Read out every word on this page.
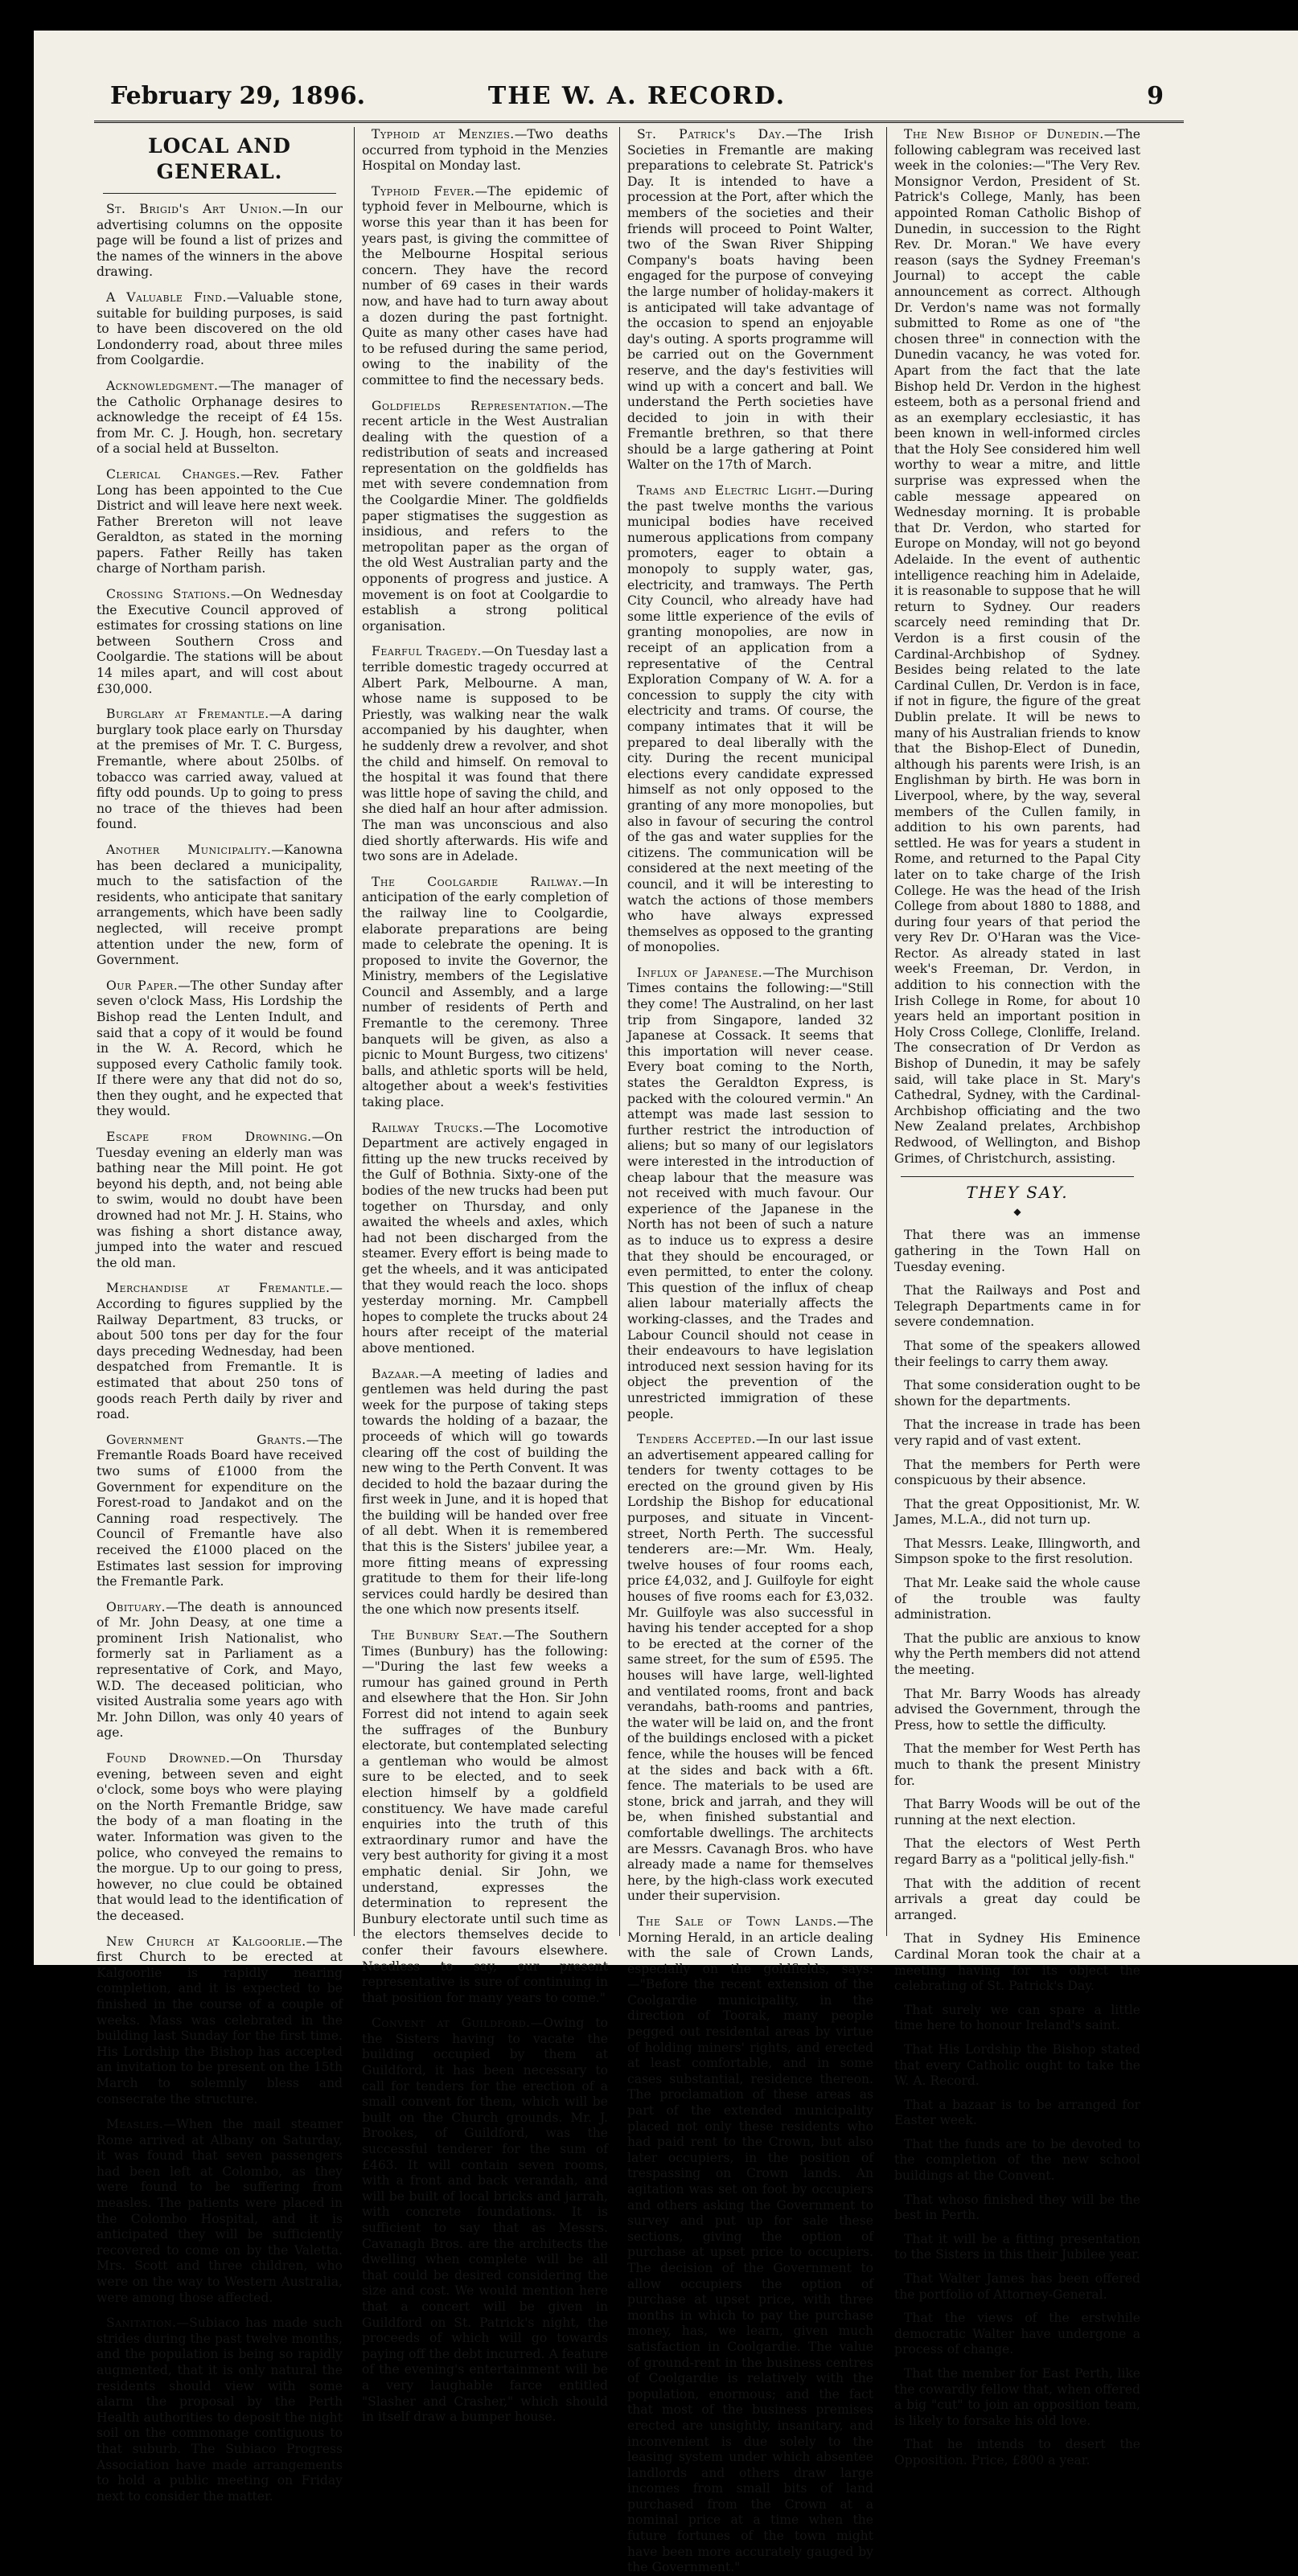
February 29, 1896.	THE W. A. RECORD.	9
LOCAL AND GENERAL.

St. Brigid's Art Union.—In our advertising columns on the opposite page will be found a list of prizes and the names of the winners in the above drawing.

A Valuable Find.—Valuable stone, suitable for building purposes, is said to have been discovered on the old Londonderry road, about three miles from Coolgardie.

Acknowledgment.—The manager of the Catholic Orphanage desires to acknowledge the receipt of £4 15s. from Mr. C. J. Hough, hon. secretary of a social held at Busselton.

Clerical Changes.—Rev. Father Long has been appointed to the Cue District and will leave here next week. Father Brereton will not leave Geraldton, as stated in the morning papers. Father Reilly has taken charge of Northam parish.

Crossing Stations.—On Wednesday the Executive Council approved of estimates for crossing stations on line between Southern Cross and Coolgardie. The stations will be about 14 miles apart, and will cost about £30,000.

Burglary at Fremantle.—A daring burglary took place early on Thursday at the premises of Mr. T. C. Burgess, Fremantle, where about 250lbs. of tobacco was carried away, valued at fifty odd pounds. Up to going to press no trace of the thieves had been found.

Another Municipality.—Kanowna has been declared a municipality, much to the satisfaction of the residents, who anticipate that sanitary arrangements, which have been sadly neglected, will receive prompt attention under the new, form of Government.

Our Paper.—The other Sunday after seven o'clock Mass, His Lordship the Bishop read the Lenten Indult, and said that a copy of it would be found in the W. A. Record, which he supposed every Catholic family took. If there were any that did not do so, then they ought, and he expected that they would.

Escape from Drowning.—On Tuesday evening an elderly man was bathing near the Mill point. He got beyond his depth, and, not being able to swim, would no doubt have been drowned had not Mr. J. H. Stains, who was fishing a short distance away, jumped into the water and rescued the old man.

Merchandise at Fremantle.—According to figures supplied by the Railway Department, 83 trucks, or about 500 tons per day for the four days preceding Wednesday, had been despatched from Fremantle. It is estimated that about 250 tons of goods reach Perth daily by river and road.

Government Grants.—The Fremantle Roads Board have received two sums of £1000 from the Government for expenditure on the Forest-road to Jandakot and on the Canning road respectively. The Council of Fremantle have also received the £1000 placed on the Estimates last session for improving the Fremantle Park.

Obituary.—The death is announced of Mr. John Deasy, at one time a prominent Irish Nationalist, who formerly sat in Parliament as a representative of Cork, and Mayo, W.D. The deceased politician, who visited Australia some years ago with Mr. John Dillon, was only 40 years of age.

Found Drowned.—On Thursday evening, between seven and eight o'clock, some boys who were playing on the North Fremantle Bridge, saw the body of a man floating in the water. Information was given to the police, who conveyed the remains to the morgue. Up to our going to press, however, no clue could be obtained that would lead to the identification of the deceased.

New Church at Kalgoorlie.—The first Church to be erected at Kalgoorlie is rapidly nearing completion, and it is expected to be finished in the course of a couple of weeks. Mass was celebrated in the building last Sunday for the first time. His Lordship the Bishop has accepted an invitation to be present on the 15th March to solemnly bless and consecrate the structure.

Measles.—When the mail steamer Rome arrived at Albany on Saturday, it was found that seven passengers had been left at Colombo, as they were found to be suffering from measles. The patients were placed in the Colombo Hospital, and it is anticipated they will be sufficiently recovered to come on by the Valetta. Mrs. Scott and three children, who were on the way to Western Australia, were among those affected.

Sanitation.—Subiaco has made such strides during the past twelve months, and the population is being so rapidly augmented, that it is only natural the residents should view with some alarm the proposal by the Perth Health authorities to deposit the night soil on the commonage contiguous to that suburb. The Subiaco Progress Association have made arrangements to hold a public meeting on Friday next to consider the matter.

Typhoid at Menzies.—Two deaths occurred from typhoid in the Menzies Hospital on Monday last.

Typhoid Fever.—The epidemic of typhoid fever in Melbourne, which is worse this year than it has been for years past, is giving the committee of the Melbourne Hospital serious concern. They have the record number of 69 cases in their wards now, and have had to turn away about a dozen during the past fortnight. Quite as many other cases have had to be refused during the same period, owing to the inability of the committee to find the necessary beds.

Goldfields Representation.—The recent article in the West Australian dealing with the question of a redistribution of seats and increased representation on the goldfields has met with severe condemnation from the Coolgardie Miner. The goldfields paper stigmatises the suggestion as insidious, and refers to the metropolitan paper as the organ of the old West Australian party and the opponents of progress and justice. A movement is on foot at Coolgardie to establish a strong political organisation.

Fearful Tragedy.—On Tuesday last a terrible domestic tragedy occurred at Albert Park, Melbourne. A man, whose name is supposed to be Priestly, was walking near the walk accompanied by his daughter, when he suddenly drew a revolver, and shot the child and himself. On removal to the hospital it was found that there was little hope of saving the child, and she died half an hour after admission. The man was unconscious and also died shortly afterwards. His wife and two sons are in Adelade.

The Coolgardie Railway.—In anticipation of the early completion of the railway line to Coolgardie, elaborate preparations are being made to celebrate the opening. It is proposed to invite the Governor, the Ministry, members of the Legislative Council and Assembly, and a large number of residents of Perth and Fremantle to the ceremony. Three banquets will be given, as also a picnic to Mount Burgess, two citizens' balls, and athletic sports will be held, altogether about a week's festivities taking place.

Railway Trucks.—The Locomotive Department are actively engaged in fitting up the new trucks received by the Gulf of Bothnia. Sixty-one of the bodies of the new trucks had been put together on Thursday, and only awaited the wheels and axles, which had not been discharged from the steamer. Every effort is being made to get the wheels, and it was anticipated that they would reach the loco. shops yesterday morning. Mr. Campbell hopes to complete the trucks about 24 hours after receipt of the material above mentioned.

Bazaar.—A meeting of ladies and gentlemen was held during the past week for the purpose of taking steps towards the holding of a bazaar, the proceeds of which will go towards clearing off the cost of building the new wing to the Perth Convent. It was decided to hold the bazaar during the first week in June, and it is hoped that the building will be handed over free of all debt. When it is remembered that this is the Sisters' jubilee year, a more fitting means of expressing gratitude to them for their life-long services could hardly be desired than the one which now presents itself.

The Bunbury Seat.—The Southern Times (Bunbury) has the following:—"During the last few weeks a rumour has gained ground in Perth and elsewhere that the Hon. Sir John Forrest did not intend to again seek the suffrages of the Bunbury electorate, but contemplated selecting a gentleman who would be almost sure to be elected, and to seek election himself by a goldfield constituency. We have made careful enquiries into the truth of this extraordinary rumor and have the very best authority for giving it a most emphatic denial. Sir John, we understand, expresses the determination to represent the Bunbury electorate until such time as the electors themselves decide to confer their favours elsewhere. Needless to say, our present representative is sure of continuing in that position for many years to come."

Convent at Guildford.—Owing to the Sisters having to vacate the building occupied by them at Guildford, it has been necessary to call for tenders for the erection of a small convent for them, which will be built on the Church grounds. Mr. J. Brookes, of Guildford, was the successful tenderer for the sum of £463. It will contain seven rooms, with a front and back verandah, and will be built of local bricks and jarrah, with concrete foundations. It is sufficient to say that as Messrs. Cavanagh Bros. are the architects the dwelling when complete will be all that could be desired considering the size and cost. We would mention here that a concert will be given in Guildford on St. Patrick's night, the proceeds of which will go towards paying off the debt incurred. A feature of the evening's entertainment will be a very laughable farce entitled "Slasher and Crasher," which should in itself draw a bumper house.

St. Patrick's Day.—The Irish Societies in Fremantle are making preparations to celebrate St. Patrick's Day. It is intended to have a procession at the Port, after which the members of the societies and their friends will proceed to Point Walter, two of the Swan River Shipping Company's boats having been engaged for the purpose of conveying the large number of holiday-makers it is anticipated will take advantage of the occasion to spend an enjoyable day's outing. A sports programme will be carried out on the Government reserve, and the day's festivities will wind up with a concert and ball. We understand the Perth societies have decided to join in with their Fremantle brethren, so that there should be a large gathering at Point Walter on the 17th of March.

Trams and Electric Light.—During the past twelve months the various municipal bodies have received numerous applications from company promoters, eager to obtain a monopoly to supply water, gas, electricity, and tramways. The Perth City Council, who already have had some little experience of the evils of granting monopolies, are now in receipt of an application from a representative of the Central Exploration Company of W. A. for a concession to supply the city with electricity and trams. Of course, the company intimates that it will be prepared to deal liberally with the city. During the recent municipal elections every candidate expressed himself as not only opposed to the granting of any more monopolies, but also in favour of securing the control of the gas and water supplies for the citizens. The communication will be considered at the next meeting of the council, and it will be interesting to watch the actions of those members who have always expressed themselves as opposed to the granting of monopolies.

Influx of Japanese.—The Murchison Times contains the following:—"Still they come! The Australind, on her last trip from Singapore, landed 32 Japanese at Cossack. It seems that this importation will never cease. Every boat coming to the North, states the Geraldton Express, is packed with the coloured vermin." An attempt was made last session to further restrict the introduction of aliens; but so many of our legislators were interested in the introduction of cheap labour that the measure was not received with much favour. Our experience of the Japanese in the North has not been of such a nature as to induce us to express a desire that they should be encouraged, or even permitted, to enter the colony. This question of the influx of cheap alien labour materially affects the working-classes, and the Trades and Labour Council should not cease in their endeavours to have legislation introduced next session having for its object the prevention of the unrestricted immigration of these people.

Tenders Accepted.—In our last issue an advertisement appeared calling for tenders for twenty cottages to be erected on the ground given by His Lordship the Bishop for educational purposes, and situate in Vincent-street, North Perth. The successful tenderers are:—Mr. Wm. Healy, twelve houses of four rooms each, price £4,032, and J. Guilfoyle for eight houses of five rooms each for £3,032. Mr. Guilfoyle was also successful in having his tender accepted for a shop to be erected at the corner of the same street, for the sum of £595. The houses will have large, well-lighted and ventilated rooms, front and back verandahs, bath-rooms and pantries, the water will be laid on, and the front of the buildings enclosed with a picket fence, while the houses will be fenced at the sides and back with a 6ft. fence. The materials to be used are stone, brick and jarrah, and they will be, when finished substantial and comfortable dwellings. The architects are Messrs. Cavanagh Bros. who have already made a name for themselves here, by the high-class work executed under their supervision.

The Sale of Town Lands.—The Morning Herald, in an article dealing with the sale of Crown Lands, especially on the goldfields, says:—"Before the recent extension of the Coolgardie municipality, in the direction of Toorak, many people pegged out residental areas by virtue of holding miners' rights, and erected at least comfortable, and in some cases substantial, residence thereon. The proclamation of these areas as part of the extended municipality placed not only these residents who had paid rent to the Crown, but also later occupiers, in the position of trespassing on Crown lands. An agitation was set on foot by occupiers and others asking the Government to survey and put up for sale these sections, giving the option of purchase at upset price to occupiers. The decision of the Government to allow occupiers the option of purchase at upset price, with three months in which to pay the purchase money, has, we learn, given much satisfaction in Coolgardie. The value of ground-rent in the business centres of Coolgardie is relatively with the population, enormous; and the fact that most of the business premises erected are unsightly, insanitary, and inconvenient is due solely to the leasing system under which absentee landlords and others draw large incomes from small bits of land purchased from the Crown at a nominal price at a time when the future fortunes of the town might have been more accurately gauged by the Government."

The New Bishop of Dunedin.—The following cablegram was received last week in the colonies:—"The Very Rev. Monsignor Verdon, President of St. Patrick's College, Manly, has been appointed Roman Catholic Bishop of Dunedin, in succession to the Right Rev. Dr. Moran." We have every reason (says the Sydney Freeman's Journal) to accept the cable announcement as correct. Although Dr. Verdon's name was not formally submitted to Rome as one of "the chosen three" in connection with the Dunedin vacancy, he was voted for. Apart from the fact that the late Bishop held Dr. Verdon in the highest esteem, both as a personal friend and as an exemplary ecclesiastic, it has been known in well-informed circles that the Holy See considered him well worthy to wear a mitre, and little surprise was expressed when the cable message appeared on Wednesday morning. It is probable that Dr. Verdon, who started for Europe on Monday, will not go beyond Adelaide. In the event of authentic intelligence reaching him in Adelaide, it is reasonable to suppose that he will return to Sydney. Our readers scarcely need reminding that Dr. Verdon is a first cousin of the Cardinal-Archbishop of Sydney. Besides being related to the late Cardinal Cullen, Dr. Verdon is in face, if not in figure, the figure of the great Dublin prelate. It will be news to many of his Australian friends to know that the Bishop-Elect of Dunedin, although his parents were Irish, is an Englishman by birth. He was born in Liverpool, where, by the way, several members of the Cullen family, in addition to his own parents, had settled. He was for years a student in Rome, and returned to the Papal City later on to take charge of the Irish College. He was the head of the Irish College from about 1880 to 1888, and during four years of that period the very Rev Dr. O'Haran was the Vice-Rector. As already stated in last week's Freeman, Dr. Verdon, in addition to his connection with the Irish College in Rome, for about 10 years held an important position in Holy Cross College, Clonliffe, Ireland. The consecration of Dr Verdon as Bishop of Dunedin, it may be safely said, will take place in St. Mary's Cathedral, Sydney, with the Cardinal-Archbishop officiating and the two New Zealand prelates, Archbishop Redwood, of Wellington, and Bishop Grimes, of Christchurch, assisting.

THEY SAY.
◆

That there was an immense gathering in the Town Hall on Tuesday evening.

That the Railways and Post and Telegraph Departments came in for severe condemnation.

That some of the speakers allowed their feelings to carry them away.

That some consideration ought to be shown for the departments.

That the increase in trade has been very rapid and of vast extent.

That the members for Perth were conspicuous by their absence.

That the great Oppositionist, Mr. W. James, M.L.A., did not turn up.

That Messrs. Leake, Illingworth, and Simpson spoke to the first resolution.

That Mr. Leake said the whole cause of the trouble was faulty administration.

That the public are anxious to know why the Perth members did not attend the meeting.

That Mr. Barry Woods has already advised the Government, through the Press, how to settle the difficulty.

That the member for West Perth has much to thank the present Ministry for.

That Barry Woods will be out of the running at the next election.

That the electors of West Perth regard Barry as a "political jelly-fish."

That with the addition of recent arrivals a great day could be arranged.

That in Sydney His Eminence Cardinal Moran took the chair at a meeting having for its object the celebrating of St. Patrick's Day.

That surely we can spare a little time here to honour Ireland's saint.

That His Lordship the Bishop stated that every Catholic ought to take the W. A. Record.

That a bazaar is to be arranged for Easter week.

That the funds are to be devoted to the completion of the new school buildings at the Convent.

That whoso finished they will be the best in Perth.

That it will be a fitting presentation to the Sisters in this their Jubilee year.

That Walter James has been offered the portfolio of Attorney-General.

That the views of the erstwhile democratic Walter have undergone a process of change.

That the member for East Perth, like the cowardly fellow that, when offered a big "cut" to join an opposition team, is likely to forsake his old love.

That he intends to desert the Opposition. Price, £800 a year.
